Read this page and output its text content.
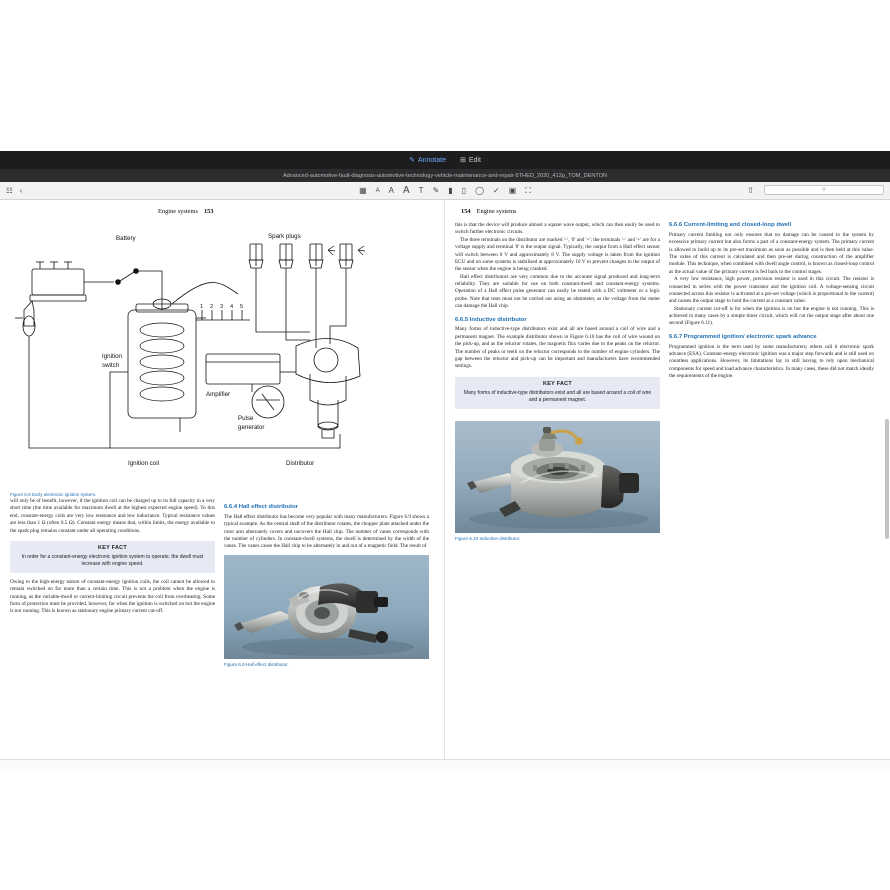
✎ Annotate ⊞ Edit
Advanced-automotive-fault-diagnosis-automotive-technology-vehicle-maintenance-and-repair-5THED_2020_412p_TOM_DENTON
☷ ‹	▦ A A A T ✎ ▮ ▯ ◯ ✓ ▣ ⛶	⚲
⇧
Engine systems 153
Battery	Spark plugs
Ignition
switch
Amplifier
Pulse
generator
Ignition coil	Distributor
1 2 3 4 5
Figure 6.8 Early electronic ignition system.

will only be of benefit, however, if the ignition coil can be charged up to its full capacity in a very short time (the time available for maximum dwell at the highest expected engine speed). To this end, constant-energy coils are very low resistance and low inductance. Typical resistance values are less than 1 Ω (often 0.5 Ω). Constant energy means that, within limits, the energy available to the spark plug remains constant under all operating conditions.

KEY FACT
In order for a constant-energy electronic ignition system to operate, the dwell must increase with engine speed.

Owing to the high-energy nature of constant-energy ignition coils, the coil cannot be allowed to remain switched on for more than a certain time. This is not a problem when the engine is running, as the variable-dwell or current-limiting circuit prevents the coil from overheating. Some form of protection must be provided, however, for when the ignition is switched on but the engine is not running. This is known as stationary engine primary current cut-off.

6.6.4 Hall effect distributor

The Hall effect distributor has become very popular with many manufacturers. Figure 6.9 shows a typical example. As the central shaft of the distributor rotates, the chopper plate attached under the rotor arm alternately covers and uncovers the Hall chip. The number of vanes corresponds with the number of cylinders. In constant-dwell systems, the dwell is determined by the width of the vanes. The vanes cause the Hall chip to be alternately in and out of a magnetic field. The result of

Figure 6.9 Hall effect distributor.
154 Engine systems

this is that the device will produce almost a square wave output, which can then easily be used to switch further electronic circuits.

The three terminals on the distributor are marked '–', '0' and '+'; the terminals '–' and '+' are for a voltage supply and terminal '0' is the output signal. Typically, the output from a Hall effect sensor will switch between 0 V and approximately 8 V. The supply voltage is taken from the ignition ECU and on some systems is stabilised at approximately 10 V to prevent changes to the output of the sensor when the engine is being cranked.

Hall effect distributors are very common due to the accurate signal produced and long-term reliability. They are suitable for use on both constant-dwell and constant-energy systems. Operation of a Hall effect pulse generator can easily be tested with a DC voltmeter or a logic probe. Note that tests must not be carried out using an ohmmeter, as the voltage from the meter can damage the Hall chip.

6.6.5 Inductive distributor

Many forms of inductive-type distributors exist and all are based around a coil of wire and a permanent magnet. The example distributor shown in Figure 6.10 has the coil of wire wound on the pick-up, and as the reluctor rotates, the magnetic flux varies due to the peaks on the reluctor. The number of peaks or teeth on the reluctor corresponds to the number of engine cylinders. The gap between the reluctor and pick-up can be important and manufacturers have recommended settings.

KEY FACT
Many forms of inductive-type distributors exist and all are based around a coil of wire and a permanent magnet.
Figure 6.10 Inductive distributor.
6.6.6 Current-limiting and closed-loop dwell

Primary current limiting not only ensures that no damage can be caused to the system by excessive primary current but also forms a part of a constant-energy system. The primary current is allowed to build up to its pre-set maximum as soon as possible and is then held at this value. The value of this current is calculated and then pre-set during construction of the amplifier module. This technique, when combined with dwell angle control, is known as closed-loop control as the actual value of the primary current is fed back to the control stages.

A very low resistance, high power, precision resistor is used in this circuit. The resistor is connected in series with the power transistor and the ignition coil. A voltage-sensing circuit connected across this resistor is activated at a pre-set voltage (which is proportional to the current) and causes the output stage to hold the current at a constant value.

Stationary current cut-off is for when the ignition is on but the engine is not running. This is achieved in many cases by a simple timer circuit, which will cut the output stage after about one second (Figure 6.11).

6.6.7 Programmed ignition/ electronic spark advance

Programmed ignition is the term used by some manufacturers; others call it electronic spark advance (ESA). Constant-energy electronic ignition was a major step forwards and is still used on countless applications. However, its limitations lay in still having to rely upon mechanical components for speed and load advance characteristics. In many cases, these did not match ideally the requirements of the engine.
